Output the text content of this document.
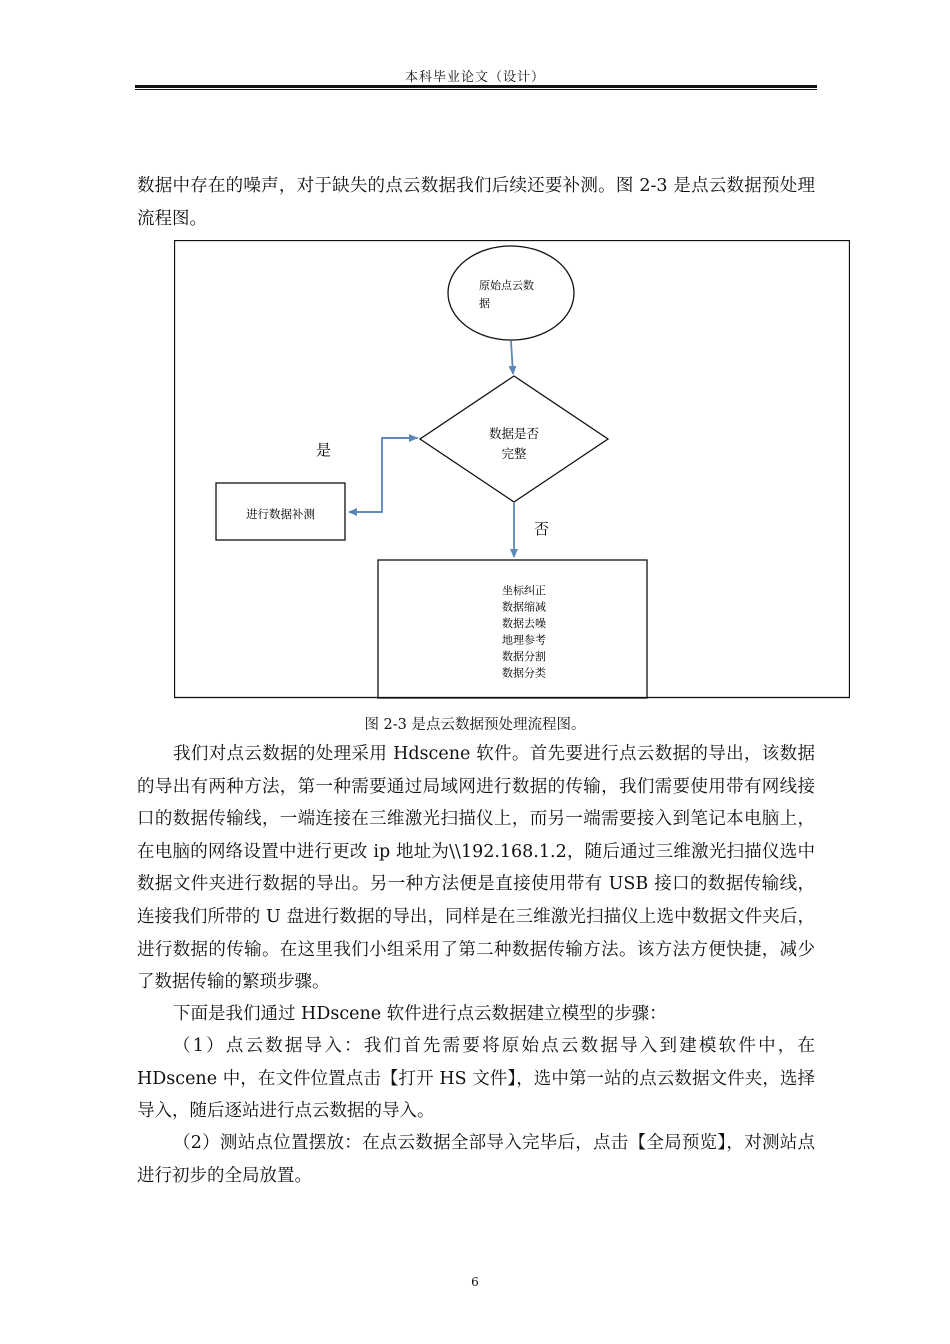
本科毕业论文（设计）

数据中存在的噪声，对于缺失的点云数据我们后续还要补测。图 2-3 是点云数据预处理流程图。

原始点云数
据
数据是否
完整
是
进行数据补测
否
坐标纠正
数据缩减
数据去噪
地理参考
数据分割
数据分类
图 2-3 是点云数据预处理流程图。

我们对点云数据的处理采用 Hdscene 软件。首先要进行点云数据的导出，该数据的导出有两种方法，第一种需要通过局域网进行数据的传输，我们需要使用带有网线接口的数据传输线，一端连接在三维激光扫描仪上，而另一端需要接入到笔记本电脑上，在电脑的网络设置中进行更改 ip 地址为\\192.168.1.2，随后通过三维激光扫描仪选中数据文件夹进行数据的导出。另一种方法便是直接使用带有 USB 接口的数据传输线，连接我们所带的 U 盘进行数据的导出，同样是在三维激光扫描仪上选中数据文件夹后，进行数据的传输。在这里我们小组采用了第二种数据传输方法。该方法方便快捷，减少了数据传输的繁琐步骤。

下面是我们通过 HDscene 软件进行点云数据建立模型的步骤：

（1）点云数据导入：我们首先需要将原始点云数据导入到建模软件中，在 HDscene 中，在文件位置点击【打开 HS 文件】，选中第一站的点云数据文件夹，选择导入，随后逐站进行点云数据的导入。

（2）测站点位置摆放：在点云数据全部导入完毕后，点击【全局预览】，对测站点进行初步的全局放置。

6
